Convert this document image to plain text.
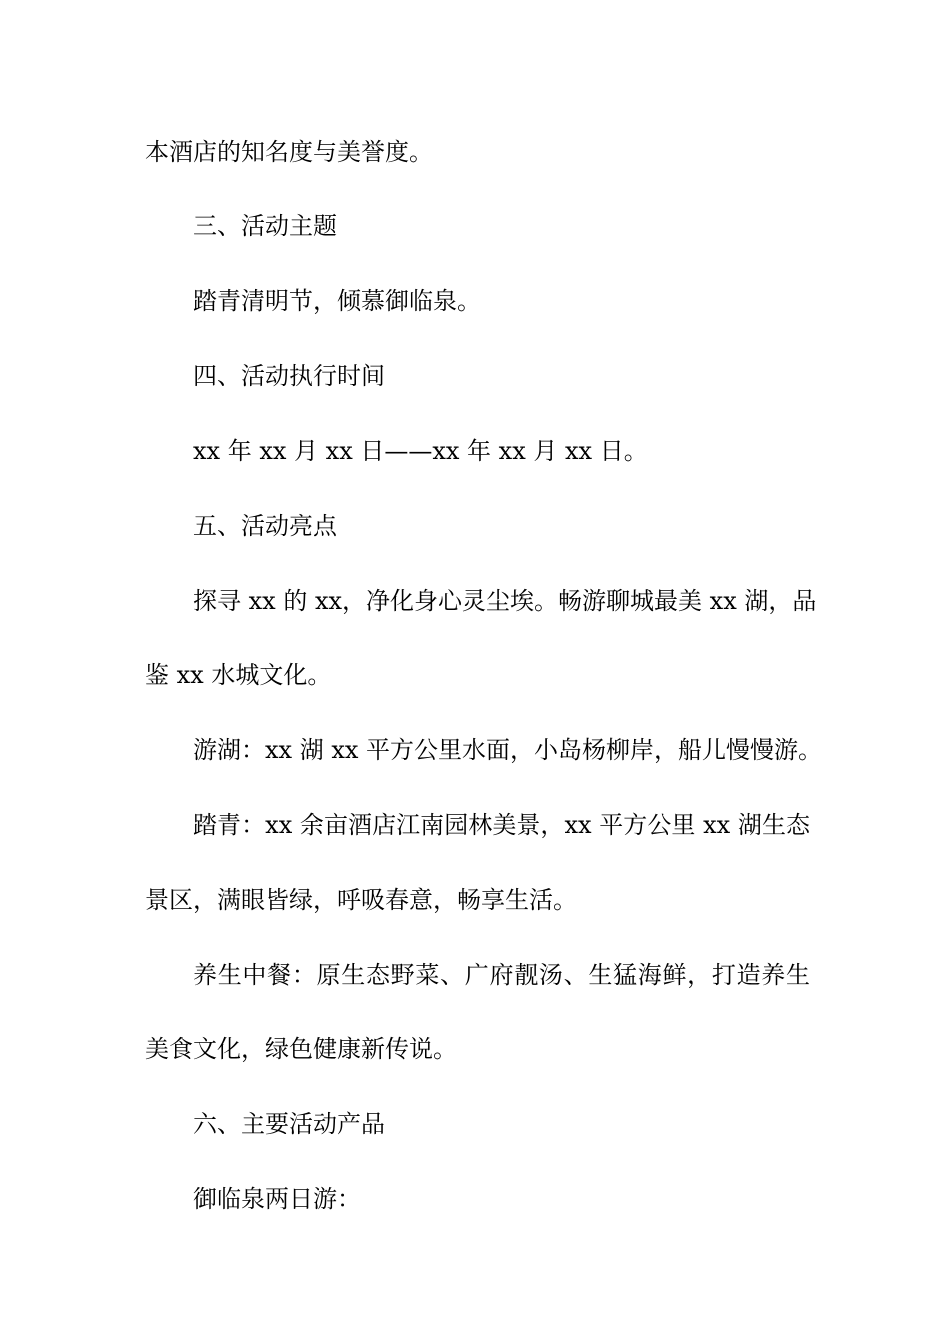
本酒店的知名度与美誉度。
三、活动主题
踏青清明节，倾慕御临泉。
四、活动执行时间
xx 年 xx 月 xx 日——xx 年 xx 月 xx 日。
五、活动亮点
探寻 xx 的 xx，净化身心灵尘埃。畅游聊城最美 xx 湖，品
鉴 xx 水城文化。
游湖：xx 湖 xx 平方公里水面，小岛杨柳岸，船儿慢慢游。
踏青：xx 余亩酒店江南园林美景，xx 平方公里 xx 湖生态
景区，满眼皆绿，呼吸春意，畅享生活。
养生中餐：原生态野菜、广府靓汤、生猛海鲜，打造养生
美食文化，绿色健康新传说。
六、主要活动产品
御临泉两日游：
